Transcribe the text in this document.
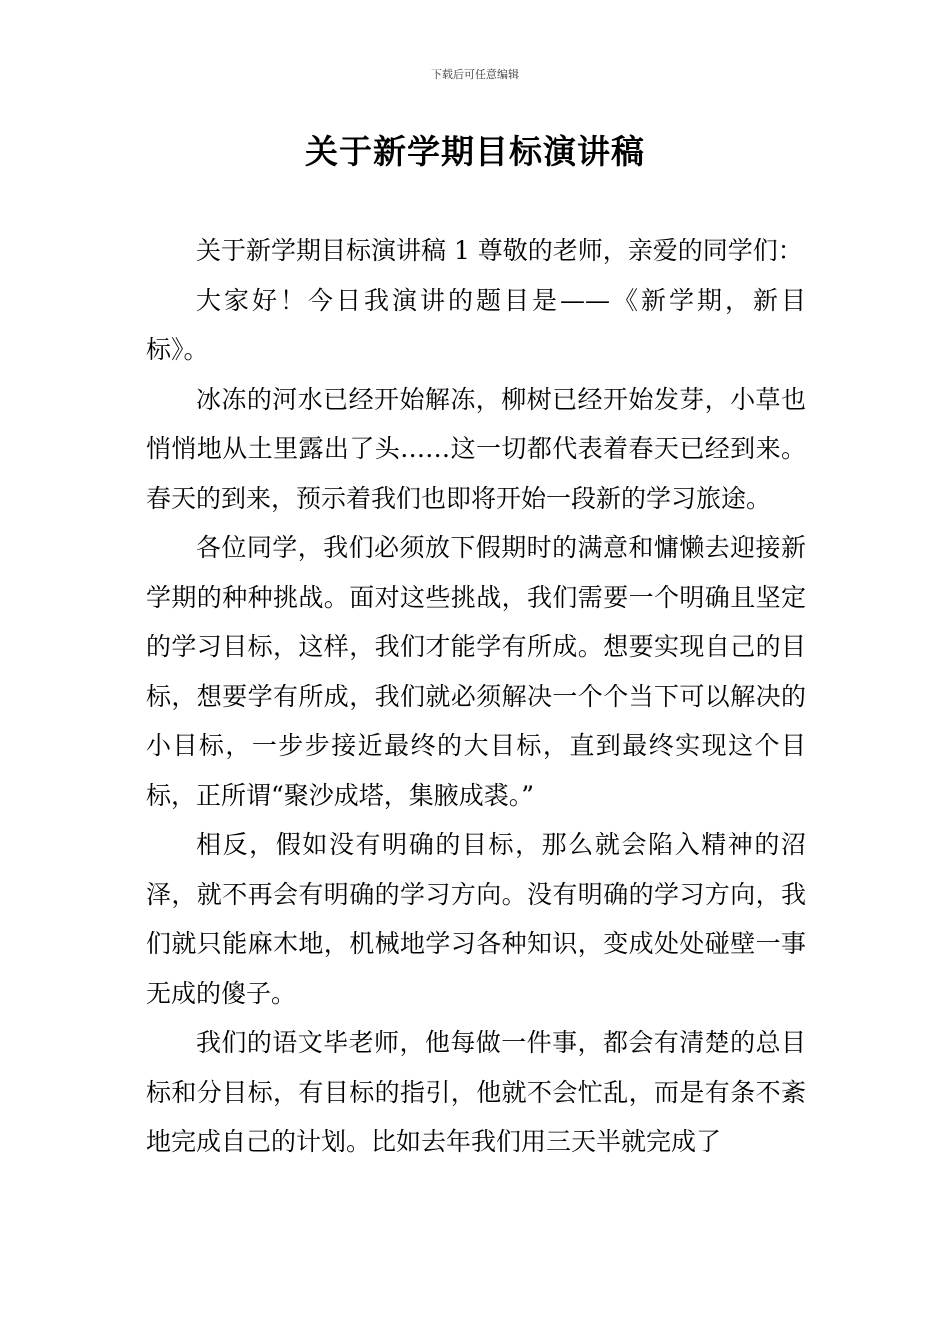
下载后可任意编辑
关于新学期目标演讲稿

关于新学期目标演讲稿 1 尊敬的老师，亲爱的同学们：

大家好！今日我演讲的题目是——《新学期，新目标》。

冰冻的河水已经开始解冻，柳树已经开始发芽，小草也悄悄地从土里露出了头……这一切都代表着春天已经到来。春天的到来，预示着我们也即将开始一段新的学习旅途。

各位同学，我们必须放下假期时的满意和慵懒去迎接新学期的种种挑战。面对这些挑战，我们需要一个明确且坚定的学习目标，这样，我们才能学有所成。想要实现自己的目标，想要学有所成，我们就必须解决一个个当下可以解决的小目标，一步步接近最终的大目标，直到最终实现这个目标，正所谓“聚沙成塔，集腋成裘。”

相反，假如没有明确的目标，那么就会陷入精神的沼泽，就不再会有明确的学习方向。没有明确的学习方向，我们就只能麻木地，机械地学习各种知识，变成处处碰壁一事无成的傻子。

我们的语文毕老师，他每做一件事，都会有清楚的总目标和分目标，有目标的指引，他就不会忙乱，而是有条不紊地完成自己的计划。比如去年我们用三天半就完成了
